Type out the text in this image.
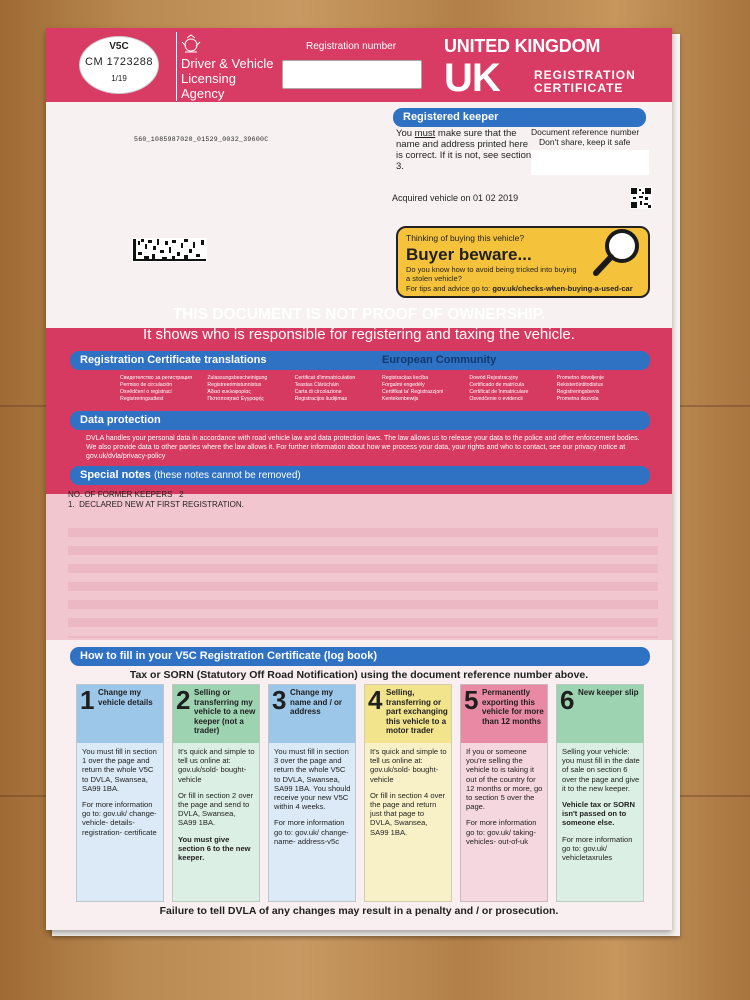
V5C
CM 1723288
1/19
Driver & Vehicle
Licensing
Agency
Registration number	UNITED KINGDOM
UK	REGISTRATION
CERTIFICATE
560_1085987020_01529_0032_39600C
Registered keeper
You must make sure that the name and address printed here is correct. If it is not, see section 3.
Document reference number
Don't share, keep it safe
Acquired vehicle on 01 02 2019
Thinking of buying this vehicle?
Buyer beware...
Do you know how to avoid being tricked into buying a stolen vehicle?
For tips and advice go to: gov.uk/checks-when-buying-a-used-car
THIS DOCUMENT IS NOT PROOF OF OWNERSHIP.
It shows who is responsible for registering and taxing the vehicle.
Registration Certificate translations	European Community
Свидетелство за регистрация	Zulassungsbescheinigung	Certificat d'immatriculation	Registracijas liecība	Dowód Rejestracyjny	Prometno dovoljenje
Permiso de circulación	Registreerimistunnistus	Teastas Clárúcháin	Forgalmi engedély	Certificado de matrícula	Rekisteröintitodistus
Osvědčení o registraci	Άδεια κυκλοφορίας	Carta di circolazione	Certifikat ta' Reġistrazzjoni	Certificat de înmatriculare	Registreringsbevis
Registreringsattest	Πιστοποιητικό Εγγραφής	Registracijos liudijimas	Kentekenbewijs	Osvedčenie o evidencii	Prometna dozvola
Data protection
DVLA handles your personal data in accordance with road vehicle law and data protection laws. The law allows us to release your data to the police and other enforcement bodies. We also provide data to other parties where the law allows it. For further information about how we process your data, your rights and who to contact, see our privacy notice at gov.uk/dvla/privacy-policy
Special notes (these notes cannot be removed)
NO. OF FORMER KEEPERS   2
1.  DECLARED NEW AT FIRST REGISTRATION.
How to fill in your V5C Registration Certificate (log book)
Tax or SORN (Statutory Off Road Notification) using the document reference number above.
1 Change my vehicle details

You must fill in section 1 over the page and return the whole V5C to DVLA, Swansea, SA99 1BA.

For more information go to: gov.uk/ change-vehicle- details-registration- certificate

2 Selling or transferring my vehicle to a new keeper (not a trader)

It's quick and simple to tell us online at: gov.uk/sold- bought-vehicle

Or fill in section 2 over the page and send to DVLA, Swansea, SA99 1BA.

You must give section 6 to the new keeper.

3 Change my name and / or address

You must fill in section 3 over the page and return the whole V5C to DVLA, Swansea, SA99 1BA. You should receive your new V5C within 4 weeks.

For more information go to: gov.uk/ change-name- address-v5c

4 Selling, transferring or part exchanging this vehicle to a motor trader

It's quick and simple to tell us online at: gov.uk/sold- bought-vehicle

Or fill in section 4 over the page and return just that page to DVLA, Swansea, SA99 1BA.

5 Permanently exporting this vehicle for more than 12 months

If you or someone you're selling the vehicle to is taking it out of the country for 12 months or more, go to section 5 over the page.

For more information go to: gov.uk/ taking-vehicles- out-of-uk

6 New keeper slip

Selling your vehicle: you must fill in the date of sale on section 6 over the page and give it to the new keeper.

Vehicle tax or SORN isn't passed on to someone else.

For more information go to: gov.uk/ vehicletaxrules

Failure to tell DVLA of any changes may result in a penalty and / or prosecution.
